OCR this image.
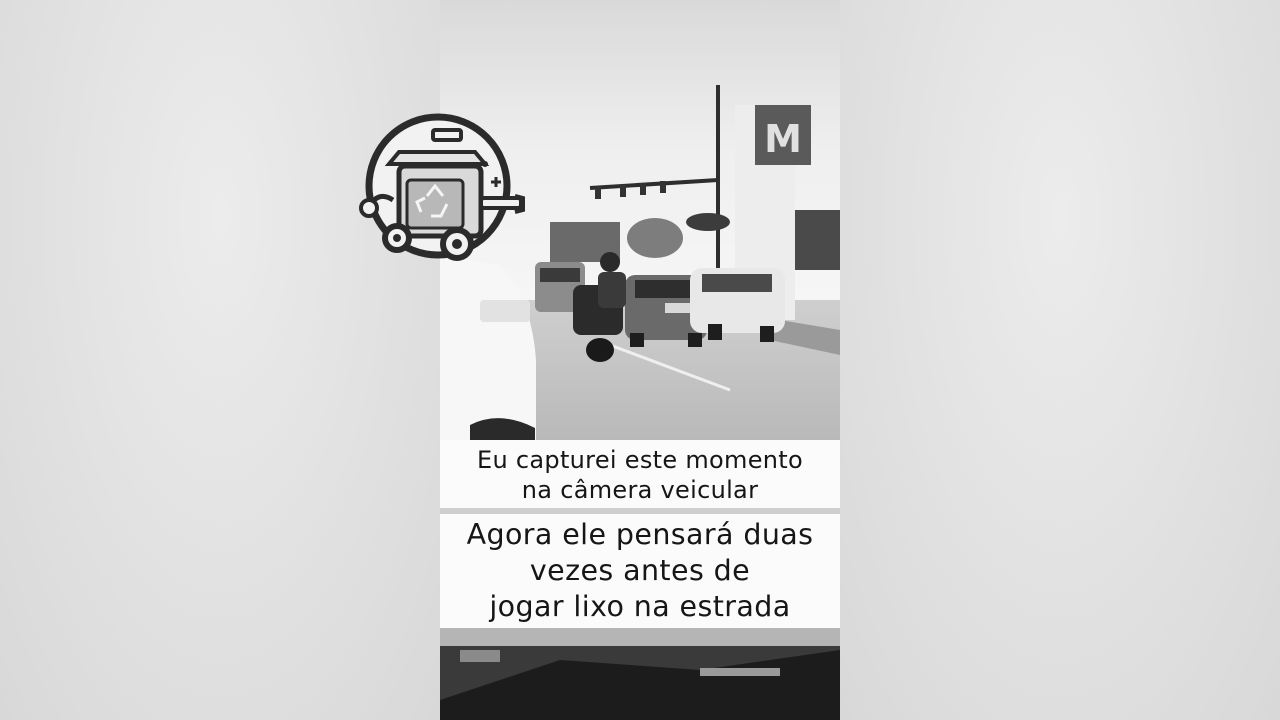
M
Eu capturei este momento
na câmera veicular
Agora ele pensará duas
vezes antes de
jogar lixo na estrada
